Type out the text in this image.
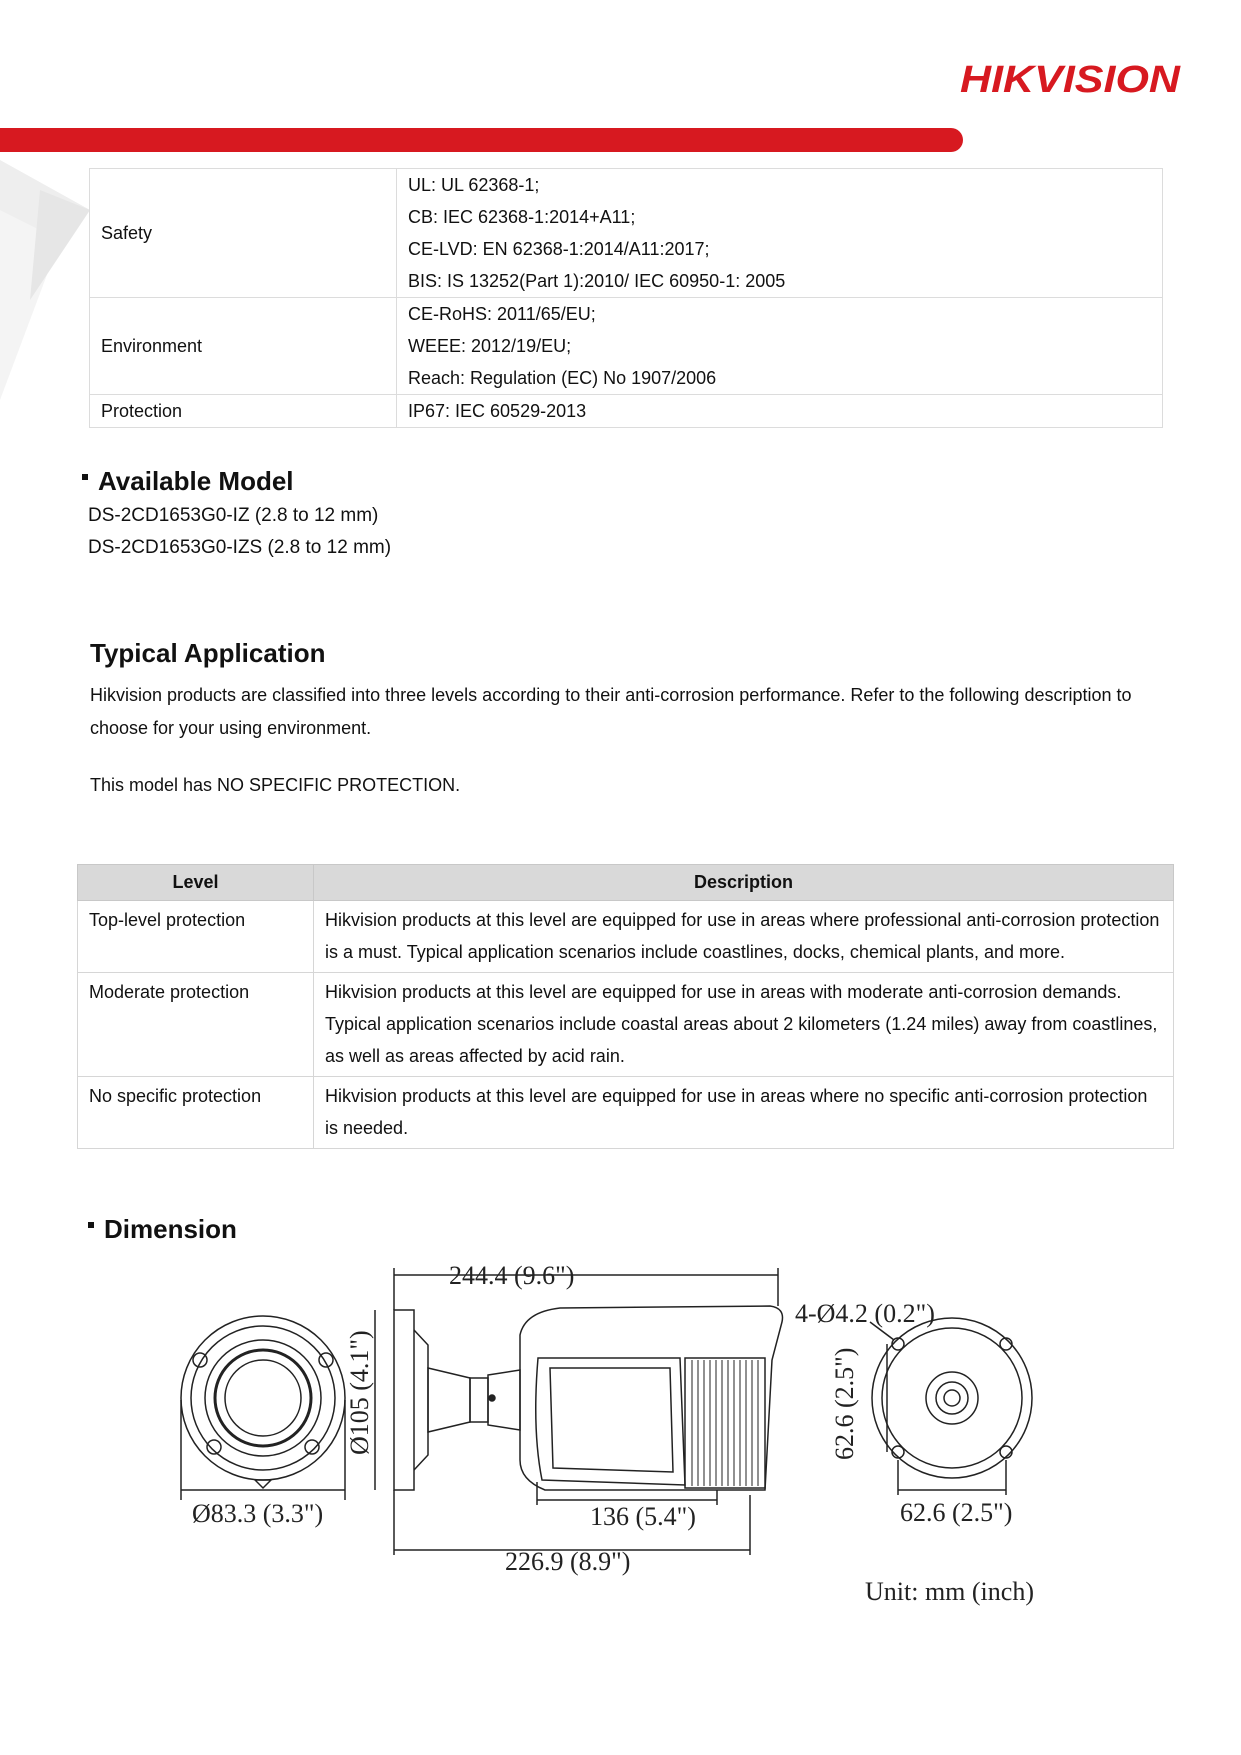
HIKVISION
Safety	UL: UL 62368-1;
CB: IEC 62368-1:2014+A11;
CE-LVD: EN 62368-1:2014/A11:2017;
BIS: IS 13252(Part 1):2010/ IEC 60950-1: 2005

Environment	CE-RoHS: 2011/65/EU;
WEEE: 2012/19/EU;
Reach: Regulation (EC) No 1907/2006

Protection	IP67: IEC 60529-2013
Available Model
DS-2CD1653G0-IZ (2.8 to 12 mm)
DS-2CD1653G0-IZS (2.8 to 12 mm)
Typical Application

Hikvision products are classified into three levels according to their anti-corrosion performance. Refer to the following description to choose for your using environment.

This model has NO SPECIFIC PROTECTION.

Level	Description
Top-level protection	Hikvision products at this level are equipped for use in areas where professional anti-corrosion protection is a must. Typical application scenarios include coastlines, docks, chemical plants, and more.
Moderate protection	Hikvision products at this level are equipped for use in areas with moderate anti-corrosion demands. Typical application scenarios include coastal areas about 2 kilometers (1.24 miles) away from coastlines, as well as areas affected by acid rain.
No specific protection	Hikvision products at this level are equipped for use in areas where no specific anti-corrosion protection is needed.
Dimension
244.4 (9.6")
4-Ø4.2 (0.2")
Ø105 (4.1")
Ø83.3 (3.3")	136 (5.4")
226.9 (8.9")
62.6 (2.5")
62.6 (2.5")
Unit: mm (inch)
